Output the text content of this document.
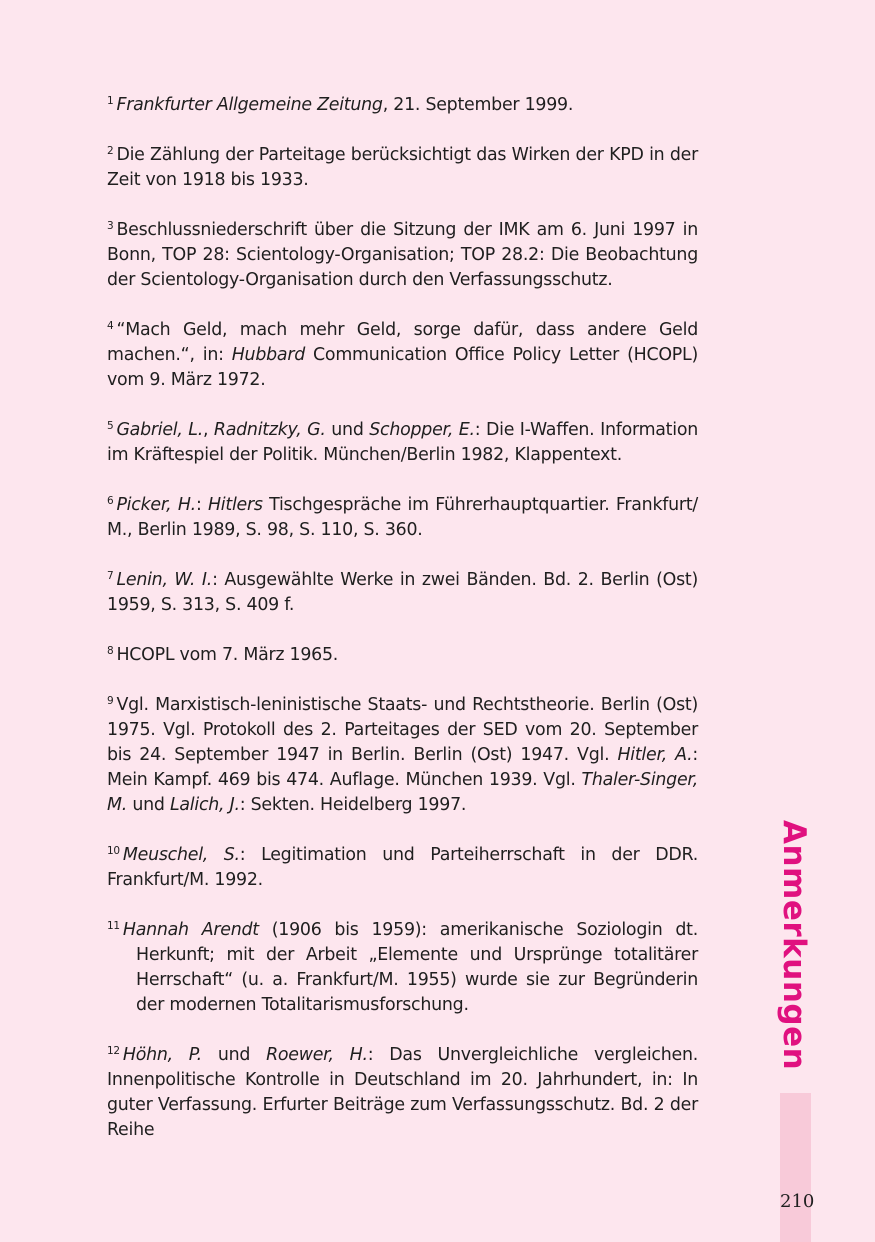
$^1$ Frankfurter Allgemeine Zeitung, 21. September 1999.

$^2$ Die Zählung der Parteitage berücksichtigt das Wirken der KPD in der Zeit von 1918 bis 1933.

$^3$ Beschlussniederschrift über die Sitzung der IMK am 6. Juni 1997 in Bonn, TOP 28: Scientology-Organisation; TOP 28.2: Die Beobachtung der Scientology-Organisation durch den Verfassungsschutz.

$^4$ “Mach Geld, mach mehr Geld, sorge dafür, dass andere Geld machen.“, in: Hubbard Communication Office Policy Letter (HCOPL) vom 9. März 1972.

$^5$ Gabriel, L., Radnitzky, G. und Schopper, E.: Die I-Waffen. Information im Kräftespiel der Politik. München/Berlin 1982, Klappentext.

$^6$ Picker, H.: Hitlers Tischgespräche im Führerhauptquartier. Frankfurt/ M., Berlin 1989, S. 98, S. 110, S. 360.

$^7$ Lenin, W. I.: Ausgewählte Werke in zwei Bänden. Bd. 2. Berlin (Ost) 1959, S. 313, S. 409 f.

$^8$ HCOPL vom 7. März 1965.

$^9$ Vgl. Marxistisch-leninistische Staats- und Rechtstheorie. Berlin (Ost) 1975. Vgl. Protokoll des 2. Parteitages der SED vom 20. September bis 24. September 1947 in Berlin. Berlin (Ost) 1947. Vgl. Hitler, A.: Mein Kampf. 469 bis 474. Auflage. München 1939. Vgl. Thaler-Singer, M. und Lalich, J.: Sekten. Heidelberg 1997.

$^{10}$ Meuschel, S.: Legitimation und Parteiherrschaft in der DDR. Frankfurt/M. 1992.

$^{11}$ Hannah Arendt (1906 bis 1959): amerikanische Soziologin dt. Herkunft; mit der Arbeit „Elemente und Ursprünge totalitärer Herrschaft“ (u. a. Frankfurt/M. 1955) wurde sie zur Begründerin der modernen Totalitarismusforschung.

$^{12}$ Höhn, P. und Roewer, H.: Das Unvergleichliche vergleichen. Innenpolitische Kontrolle in Deutschland im 20. Jahrhundert, in: In guter Verfassung. Erfurter Beiträge zum Verfassungsschutz. Bd. 2 der Reihe

Anmerkungen
210
